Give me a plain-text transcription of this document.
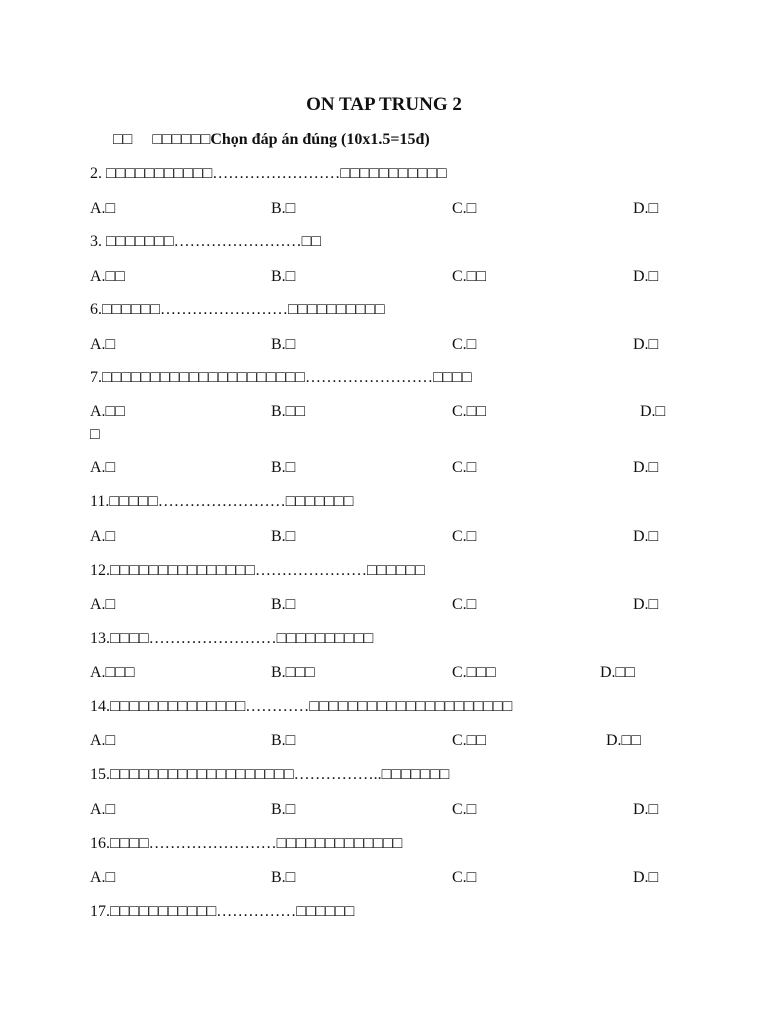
ON TAP TRUNG 2
□□ □□□□□□Chọn đáp án đúng (10x1.5=15đ)
2. □□□□□□□□□□□……………………□□□□□□□□□□□
A.□	B.□	C.□	D.□
3. □□□□□□□……………………□□
A.□□	B.□	C.□□	D.□
6.□□□□□□……………………□□□□□□□□□□
A.□	B.□	C.□	D.□
7.□□□□□□□□□□□□□□□□□□□□□……………………□□□□
A.□□	B.□□	C.□□	D.□
□
A.□	B.□	C.□	D.□
11.□□□□□……………………□□□□□□□
A.□	B.□	C.□	D.□
12.□□□□□□□□□□□□□□□…………………□□□□□□
A.□	B.□	C.□	D.□
13.□□□□……………………□□□□□□□□□□
A.□□□	B.□□□	C.□□□	D.□□
14.□□□□□□□□□□□□□□…………□□□□□□□□□□□□□□□□□□□□□
A.□	B.□	C.□□	D.□□
15.□□□□□□□□□□□□□□□□□□□……………..□□□□□□□
A.□	B.□	C.□	D.□
16.□□□□……………………□□□□□□□□□□□□□
A.□	B.□	C.□	D.□
17.□□□□□□□□□□□……………□□□□□□
